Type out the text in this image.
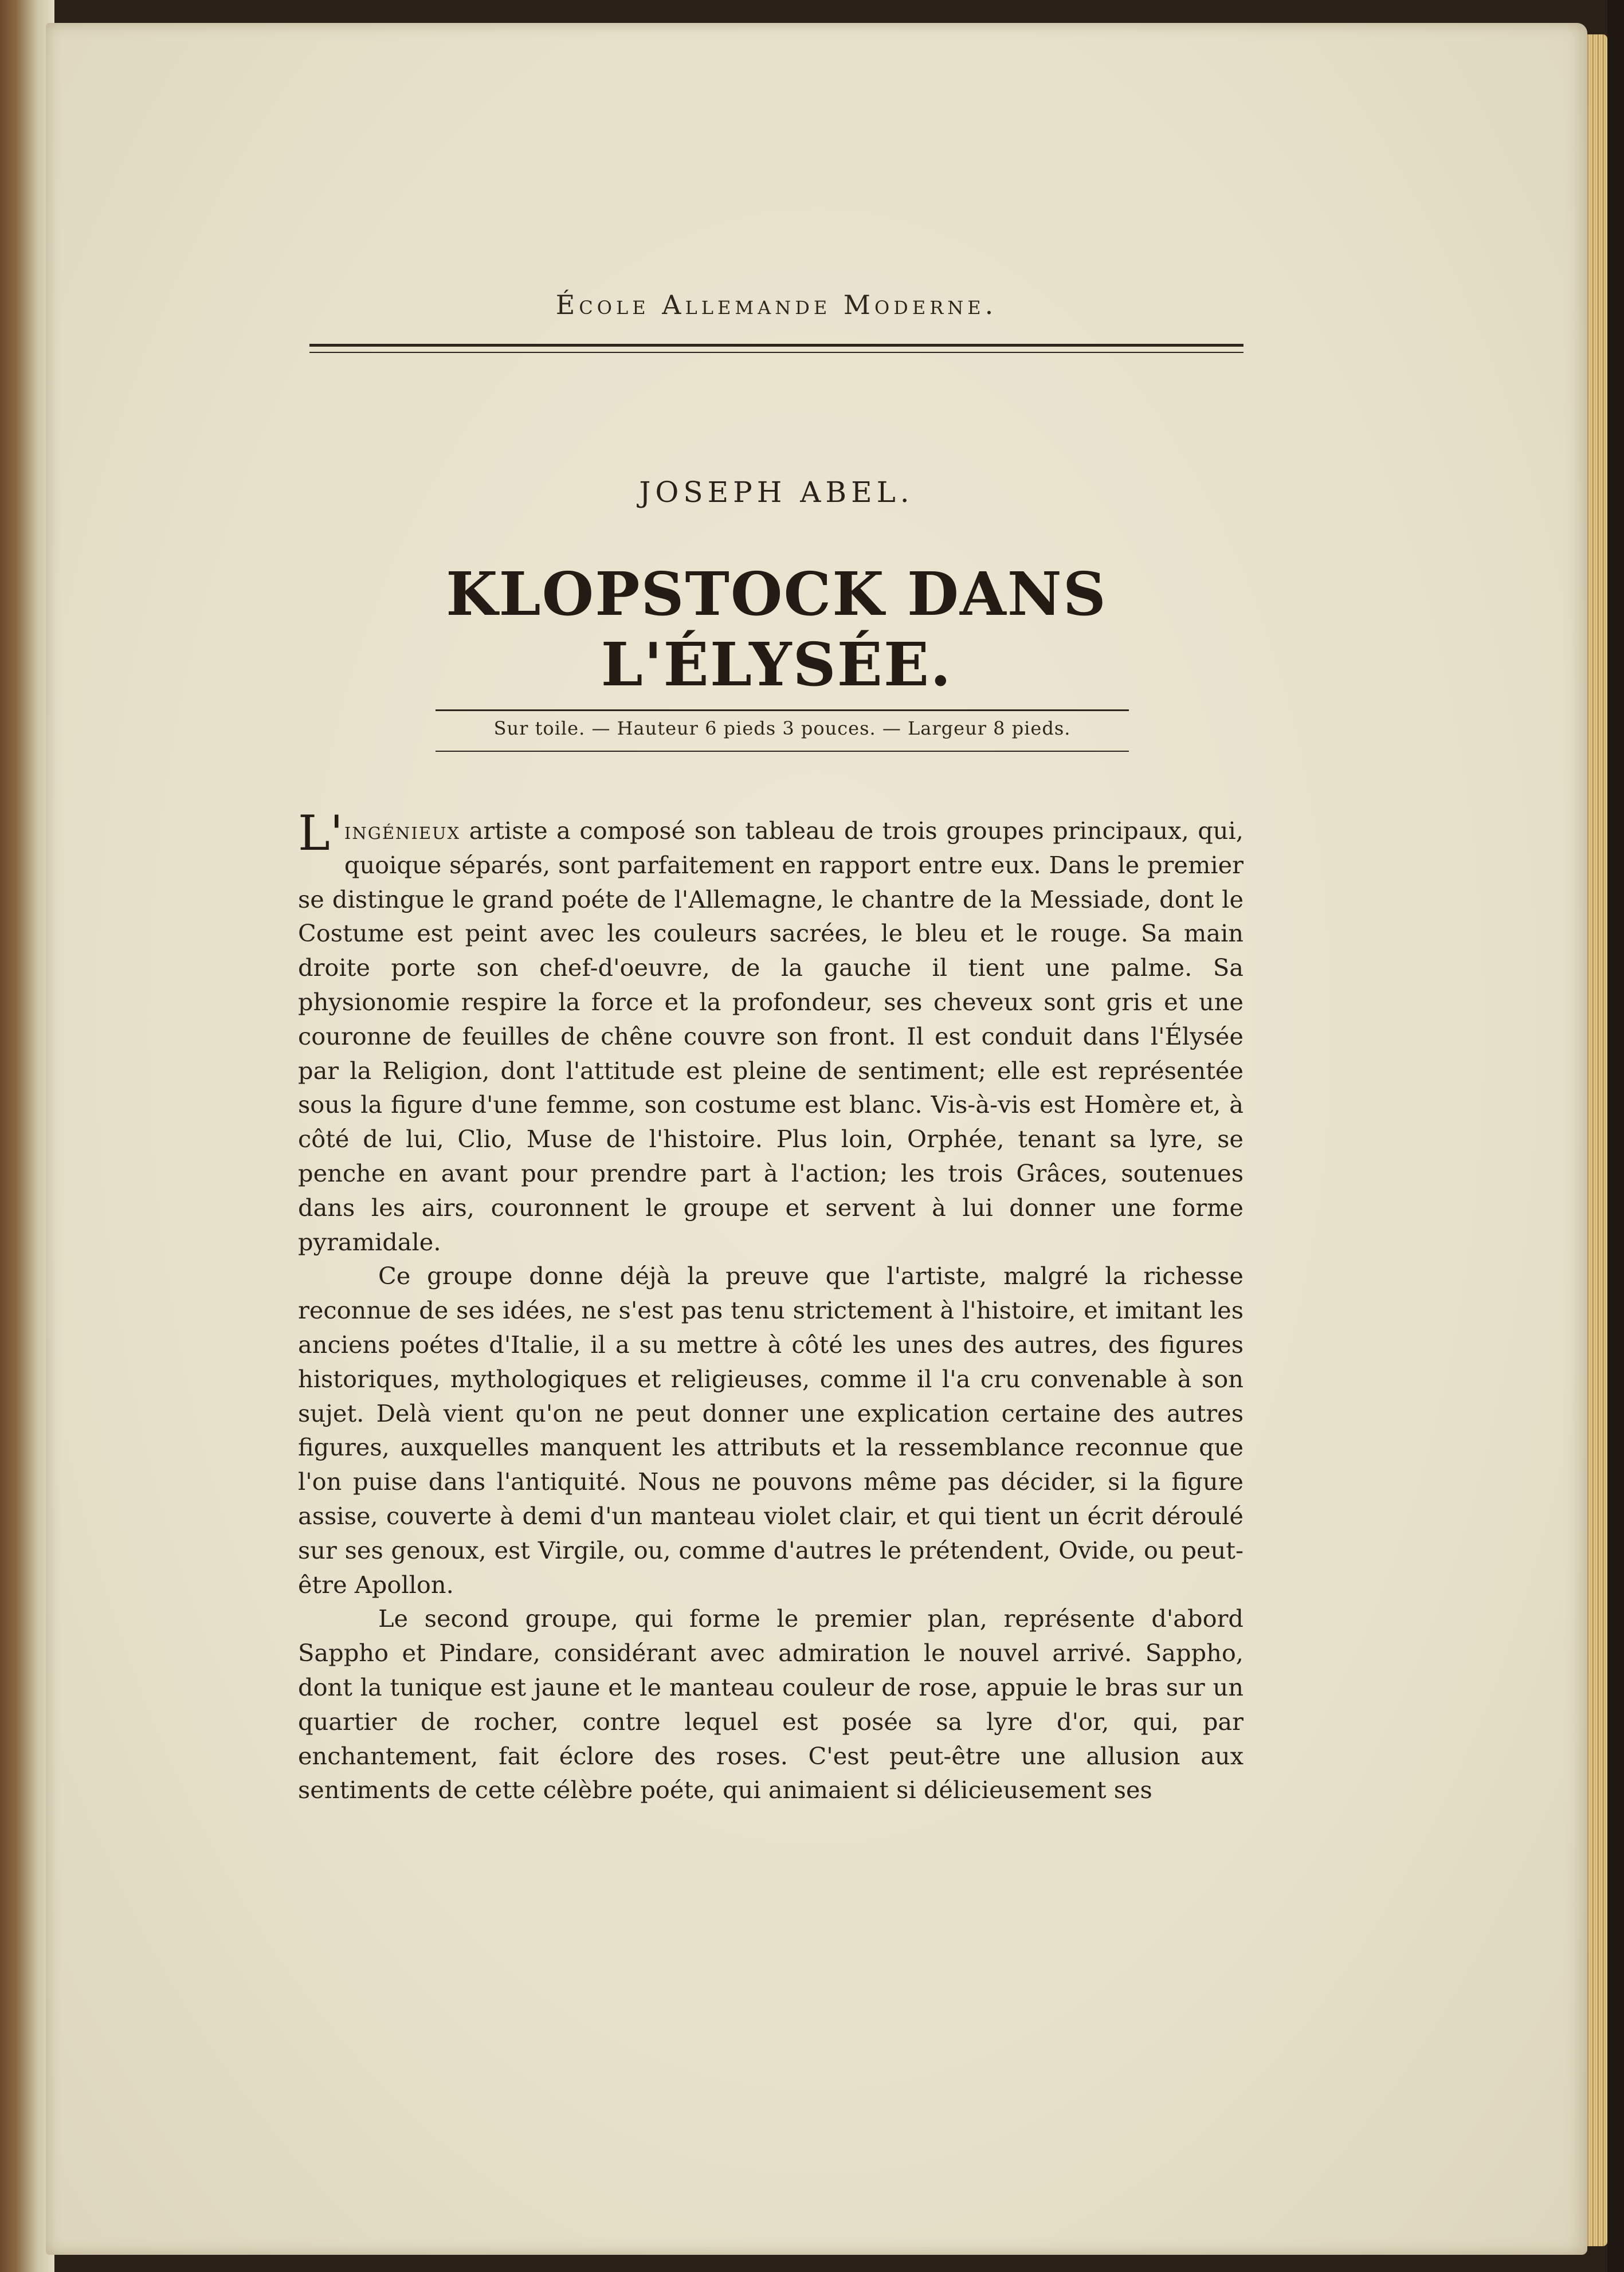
École Allemande Moderne.
JOSEPH ABEL.
KLOPSTOCK DANS L'ÉLYSÉE.
Sur toile. — Hauteur 6 pieds 3 pouces. — Largeur 8 pieds.

L' ingénieux artiste a composé son tableau de trois groupes principaux, qui, quoique séparés, sont parfaitement en rapport entre eux. Dans le premier se distingue le grand poéte de l'Allemagne, le chantre de la Messiade, dont le Costume est peint avec les couleurs sacrées, le bleu et le rouge. Sa main droite porte son chef-d'oeuvre, de la gauche il tient une palme. Sa physionomie respire la force et la profondeur, ses cheveux sont gris et une couronne de feuilles de chêne couvre son front. Il est conduit dans l'Élysée par la Religion, dont l'attitude est pleine de sentiment; elle est représentée sous la figure d'une femme, son costume est blanc. Vis-à-vis est Homère et, à côté de lui, Clio, Muse de l'histoire. Plus loin, Orphée, tenant sa lyre, se penche en avant pour prendre part à l'action; les trois Grâces, soutenues dans les airs, couronnent le groupe et servent à lui donner une forme pyramidale.

Ce groupe donne déjà la preuve que l'artiste, malgré la richesse reconnue de ses idées, ne s'est pas tenu strictement à l'histoire, et imitant les anciens poétes d'Italie, il a su mettre à côté les unes des autres, des figures historiques, mythologiques et religieuses, comme il l'a cru convenable à son sujet. Delà vient qu'on ne peut donner une explication certaine des autres figures, auxquelles manquent les attributs et la ressemblance reconnue que l'on puise dans l'antiquité. Nous ne pouvons même pas décider, si la figure assise, couverte à demi d'un manteau violet clair, et qui tient un écrit déroulé sur ses genoux, est Virgile, ou, comme d'autres le prétendent, Ovide, ou peut-être Apollon.

Le second groupe, qui forme le premier plan, représente d'abord Sappho et Pindare, considérant avec admiration le nouvel arrivé. Sappho, dont la tunique est jaune et le manteau couleur de rose, appuie le bras sur un quartier de rocher, contre lequel est posée sa lyre d'or, qui, par enchantement, fait éclore des roses. C'est peut-être une allusion aux sentiments de cette célèbre poéte, qui animaient si délicieusement ses
